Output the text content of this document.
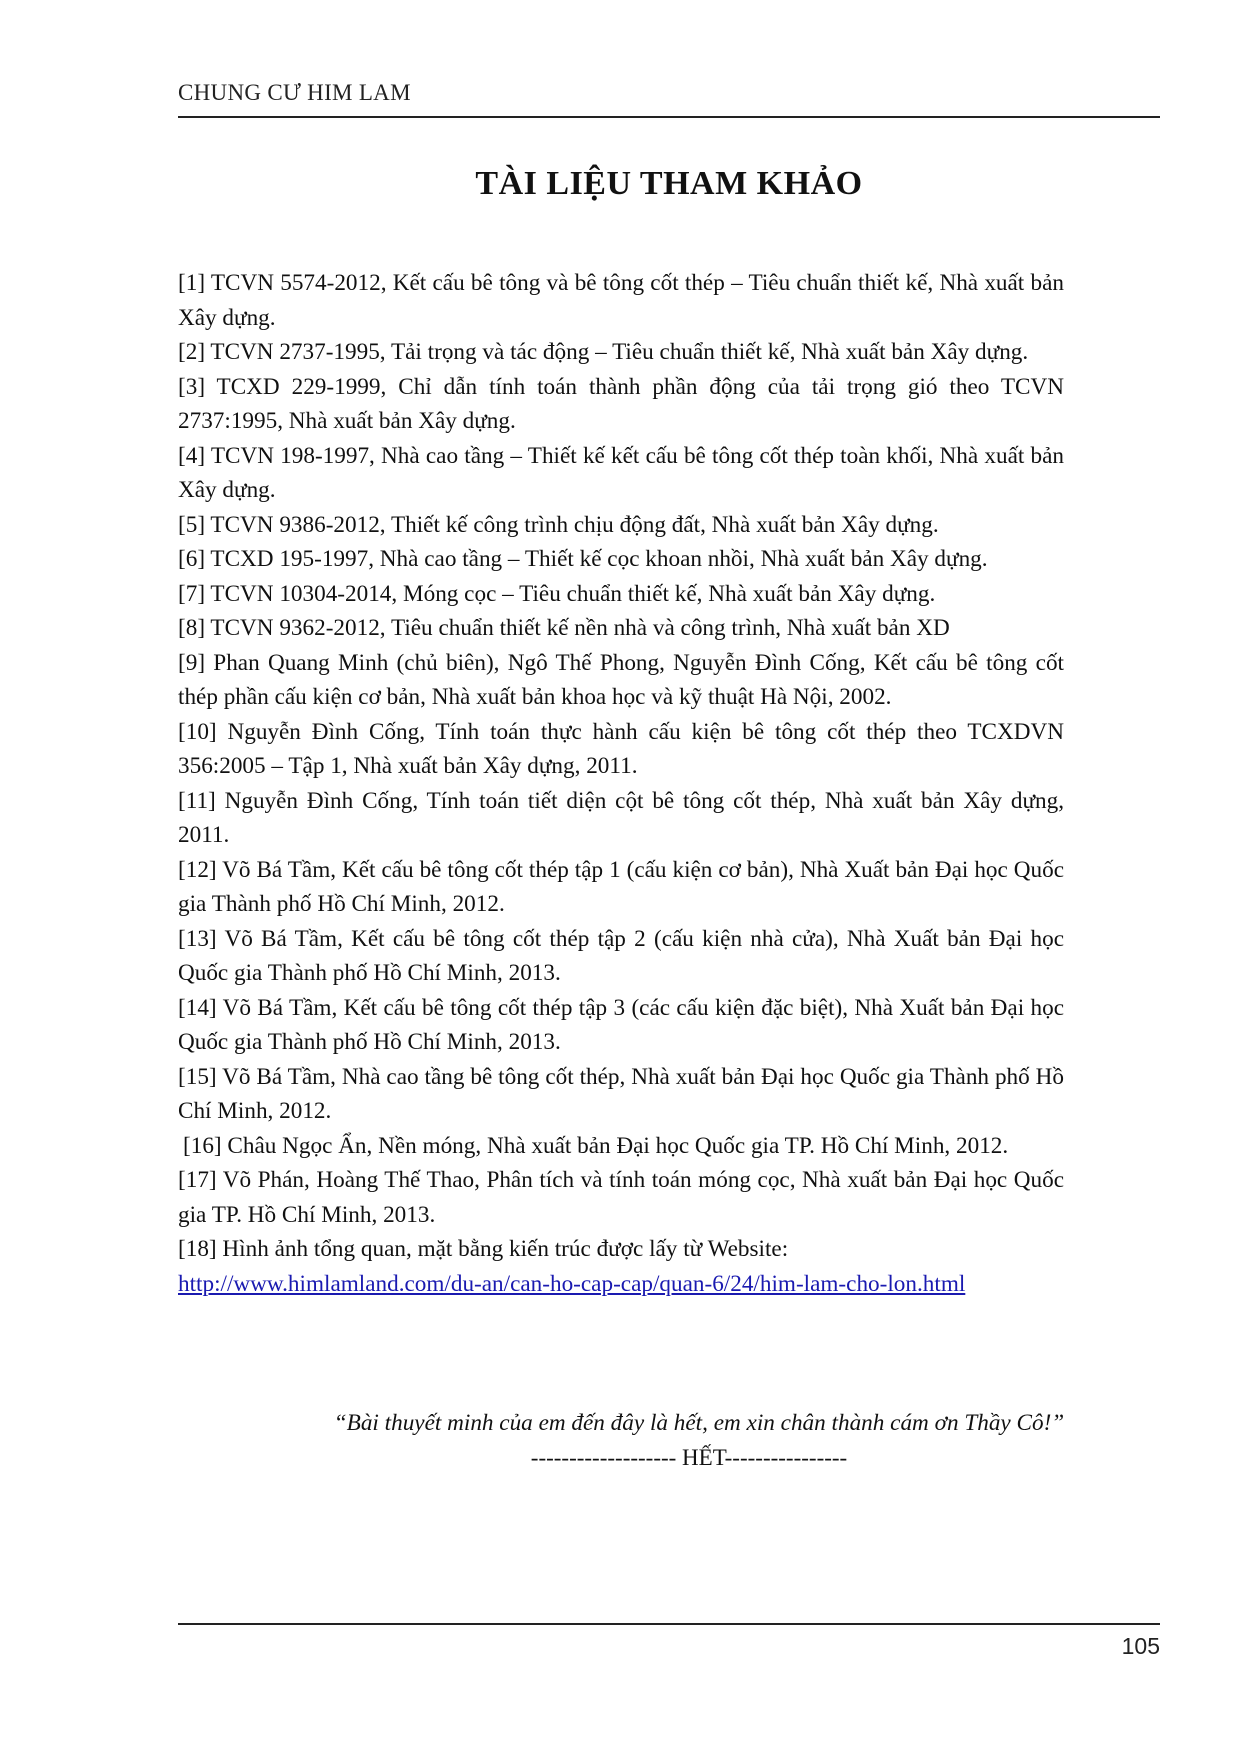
CHUNG CƯ HIM LAM
TÀI LIỆU THAM KHẢO

[1] TCVN 5574-2012, Kết cấu bê tông và bê tông cốt thép – Tiêu chuẩn thiết kế, Nhà xuất bản Xây dựng.

[2] TCVN 2737-1995, Tải trọng và tác động – Tiêu chuẩn thiết kế, Nhà xuất bản Xây dựng.

[3] TCXD 229-1999, Chỉ dẫn tính toán thành phần động của tải trọng gió theo TCVN 2737:1995, Nhà xuất bản Xây dựng.

[4] TCVN 198-1997, Nhà cao tầng – Thiết kế kết cấu bê tông cốt thép toàn khối, Nhà xuất bản Xây dựng.

[5] TCVN 9386-2012, Thiết kế công trình chịu động đất, Nhà xuất bản Xây dựng.

[6] TCXD 195-1997, Nhà cao tầng – Thiết kế cọc khoan nhồi, Nhà xuất bản Xây dựng.

[7] TCVN 10304-2014, Móng cọc – Tiêu chuẩn thiết kế, Nhà xuất bản Xây dựng.

[8] TCVN 9362-2012, Tiêu chuẩn thiết kế nền nhà và công trình, Nhà xuất bản XD

[9] Phan Quang Minh (chủ biên), Ngô Thế Phong, Nguyễn Đình Cống, Kết cấu bê tông cốt thép phần cấu kiện cơ bản, Nhà xuất bản khoa học và kỹ thuật Hà Nội, 2002.

[10] Nguyễn Đình Cống, Tính toán thực hành cấu kiện bê tông cốt thép theo TCXDVN 356:2005 – Tập 1, Nhà xuất bản Xây dựng, 2011.

[11] Nguyễn Đình Cống, Tính toán tiết diện cột bê tông cốt thép, Nhà xuất bản Xây dựng, 2011.

[12] Võ Bá Tầm, Kết cấu bê tông cốt thép tập 1 (cấu kiện cơ bản), Nhà Xuất bản Đại học Quốc gia Thành phố Hồ Chí Minh, 2012.

[13] Võ Bá Tầm, Kết cấu bê tông cốt thép tập 2 (cấu kiện nhà cửa), Nhà Xuất bản Đại học Quốc gia Thành phố Hồ Chí Minh, 2013.

[14] Võ Bá Tầm, Kết cấu bê tông cốt thép tập 3 (các cấu kiện đặc biệt), Nhà Xuất bản Đại học Quốc gia Thành phố Hồ Chí Minh, 2013.

[15] Võ Bá Tầm, Nhà cao tầng bê tông cốt thép, Nhà xuất bản Đại học Quốc gia Thành phố Hồ Chí Minh, 2012.

[16] Châu Ngọc Ẩn, Nền móng, Nhà xuất bản Đại học Quốc gia TP. Hồ Chí Minh, 2012.

[17] Võ Phán, Hoàng Thế Thao, Phân tích và tính toán móng cọc, Nhà xuất bản Đại học Quốc gia TP. Hồ Chí Minh, 2013.

[18] Hình ảnh tổng quan, mặt bằng kiến trúc được lấy từ Website:

http://www.himlamland.com/du-an/can-ho-cap-cap/quan-6/24/him-lam-cho-lon.html

“Bài thuyết minh của em đến đây là hết, em xin chân thành cám ơn Thầy Cô!”
------------------- HẾT----------------
105
